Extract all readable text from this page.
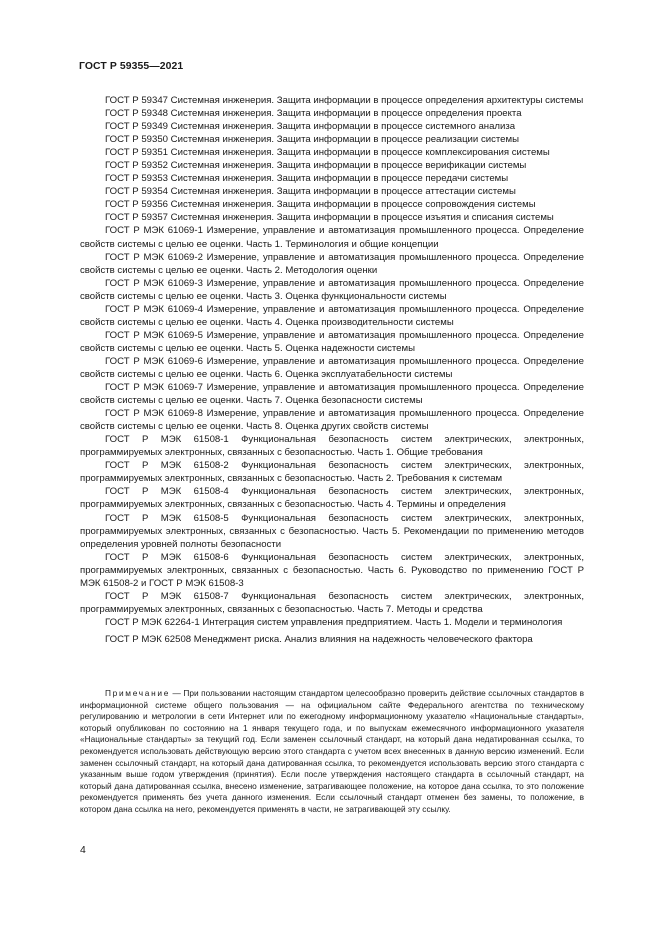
ГОСТ Р 59355—2021

ГОСТ Р 59347 Системная инженерия. Защита информации в процессе определения архитектуры системы

ГОСТ Р 59348 Системная инженерия. Защита информации в процессе определения проекта

ГОСТ Р 59349 Системная инженерия. Защита информации в процессе системного анализа

ГОСТ Р 59350 Системная инженерия. Защита информации в процессе реализации системы

ГОСТ Р 59351 Системная инженерия. Защита информации в процессе комплексирования системы

ГОСТ Р 59352 Системная инженерия. Защита информации в процессе верификации системы

ГОСТ Р 59353 Системная инженерия. Защита информации в процессе передачи системы

ГОСТ Р 59354 Системная инженерия. Защита информации в процессе аттестации системы

ГОСТ Р 59356 Системная инженерия. Защита информации в процессе сопровождения системы

ГОСТ Р 59357 Системная инженерия. Защита информации в процессе изъятия и списания системы

ГОСТ Р МЭК 61069-1 Измерение, управление и автоматизация промышленного процесса. Определение свойств системы с целью ее оценки. Часть 1. Терминология и общие концепции

ГОСТ Р МЭК 61069-2 Измерение, управление и автоматизация промышленного процесса. Определение свойств системы с целью ее оценки. Часть 2. Методология оценки

ГОСТ Р МЭК 61069-3 Измерение, управление и автоматизация промышленного процесса. Определение свойств системы с целью ее оценки. Часть 3. Оценка функциональности системы

ГОСТ Р МЭК 61069-4 Измерение, управление и автоматизация промышленного процесса. Определение свойств системы с целью ее оценки. Часть 4. Оценка производительности системы

ГОСТ Р МЭК 61069-5 Измерение, управление и автоматизация промышленного процесса. Определение свойств системы с целью ее оценки. Часть 5. Оценка надежности системы

ГОСТ Р МЭК 61069-6 Измерение, управление и автоматизация промышленного процесса. Определение свойств системы с целью ее оценки. Часть 6. Оценка эксплуатабельности системы

ГОСТ Р МЭК 61069-7 Измерение, управление и автоматизация промышленного процесса. Определение свойств системы с целью ее оценки. Часть 7. Оценка безопасности системы

ГОСТ Р МЭК 61069-8 Измерение, управление и автоматизация промышленного процесса. Определение свойств системы с целью ее оценки. Часть 8. Оценка других свойств системы

ГОСТ Р МЭК 61508-1 Функциональная безопасность систем электрических, электронных, программируемых электронных, связанных с безопасностью. Часть 1. Общие требования

ГОСТ Р МЭК 61508-2 Функциональная безопасность систем электрических, электронных, программируемых электронных, связанных с безопасностью. Часть 2. Требования к системам

ГОСТ Р МЭК 61508-4 Функциональная безопасность систем электрических, электронных, программируемых электронных, связанных с безопасностью. Часть 4. Термины и определения

ГОСТ Р МЭК 61508-5 Функциональная безопасность систем электрических, электронных, программируемых электронных, связанных с безопасностью. Часть 5. Рекомендации по применению методов определения уровней полноты безопасности

ГОСТ Р МЭК 61508-6 Функциональная безопасность систем электрических, электронных, программируемых электронных, связанных с безопасностью. Часть 6. Руководство по применению ГОСТ Р МЭК 61508-2 и ГОСТ Р МЭК 61508-3

ГОСТ Р МЭК 61508-7 Функциональная безопасность систем электрических, электронных, программируемых электронных, связанных с безопасностью. Часть 7. Методы и средства

ГОСТ Р МЭК 62264-1 Интеграция систем управления предприятием. Часть 1. Модели и терминология

ГОСТ Р МЭК 62508 Менеджмент риска. Анализ влияния на надежность человеческого фактора

Примечание — При пользовании настоящим стандартом целесообразно проверить действие ссылочных стандартов в информационной системе общего пользования — на официальном сайте Федерального агентства по техническому регулированию и метрологии в сети Интернет или по ежегодному информационному указателю «Национальные стандарты», который опубликован по состоянию на 1 января текущего года, и по выпускам ежемесячного информационного указателя «Национальные стандарты» за текущий год. Если заменен ссылочный стандарт, на который дана недатированная ссылка, то рекомендуется использовать действующую версию этого стандарта с учетом всех внесенных в данную версию изменений. Если заменен ссылочный стандарт, на который дана датированная ссылка, то рекомендуется использовать версию этого стандарта с указанным выше годом утверждения (принятия). Если после утверждения настоящего стандарта в ссылочный стандарт, на который дана датированная ссылка, внесено изменение, затрагивающее положение, на которое дана ссылка, то это положение рекомендуется применять без учета данного изменения. Если ссылочный стандарт отменен без замены, то положение, в котором дана ссылка на него, рекомендуется применять в части, не затрагивающей эту ссылку.

4
